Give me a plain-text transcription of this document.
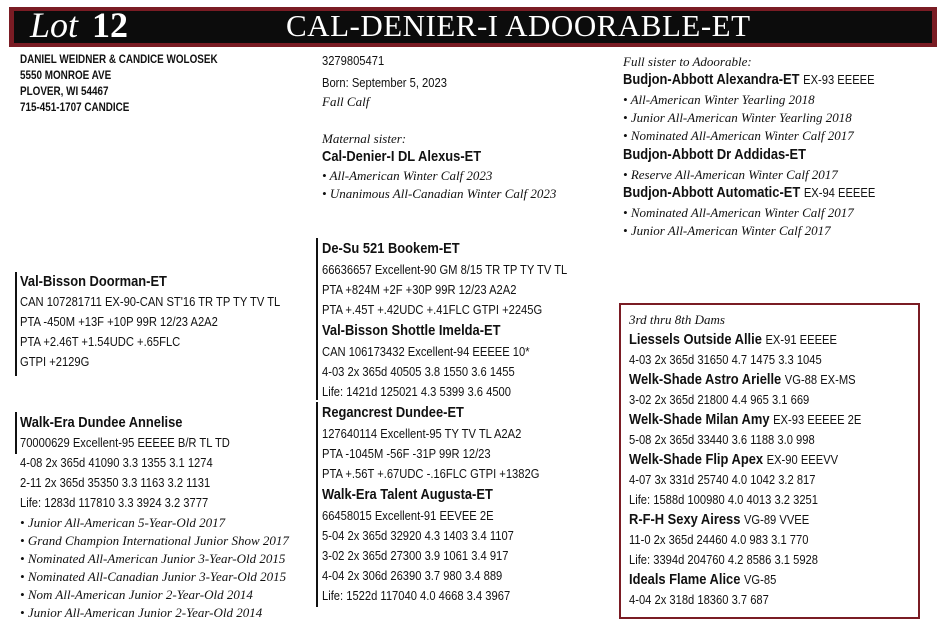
Lot 12	CAL-DENIER-I ADOORABLE-ET
DANIEL WEIDNER & CANDICE WOLOSEK
5550 MONROE AVE
PLOVER, WI 54467
715-451-1707 CANDICE
3279805471
Born: September 5, 2023
Fall Calf
Maternal sister:
Cal-Denier-I DL Alexus-ET
• All-American Winter Calf 2023
• Unanimous All-Canadian Winter Calf 2023
Full sister to Adoorable:
Budjon-Abbott Alexandra-ET EX-93 EEEEE
• All-American Winter Yearling 2018
• Junior All-American Winter Yearling 2018
• Nominated All-American Winter Calf 2017
Budjon-Abbott Dr Addidas-ET
• Reserve All-American Winter Calf 2017
Budjon-Abbott Automatic-ET EX-94 EEEEE
• Nominated All-American Winter Calf 2017
• Junior All-American Winter Calf 2017
Val-Bisson Doorman-ET
CAN 107281711 EX-90-CAN ST'16 TR TP TY TV TL
PTA -450M +13F +10P 99R 12/23 A2A2
PTA +2.46T +1.54UDC +.65FLC
GTPI +2129G
De-Su 521 Bookem-ET
66636657 Excellent-90 GM 8/15 TR TP TY TV TL
PTA +824M +2F +30P 99R 12/23 A2A2
PTA +.45T +.42UDC +.41FLC GTPI +2245G
Val-Bisson Shottle Imelda-ET
CAN 106173432 Excellent-94 EEEEE 10*
4-03 2x 365d 40505 3.8 1550 3.6 1455
Life: 1421d 125021 4.3 5399 3.6 4500
Walk-Era Dundee Annelise
70000629 Excellent-95 EEEEE B/R TL TD
4-08 2x 365d 41090 3.3 1355 3.1 1274
2-11 2x 365d 35350 3.3 1163 3.2 1131
Life: 1283d 117810 3.3 3924 3.2 3777
• Junior All-American 5-Year-Old 2017
• Grand Champion International Junior Show 2017
• Nominated All-American Junior 3-Year-Old 2015
• Nominated All-Canadian Junior 3-Year-Old 2015
• Nom All-American Junior 2-Year-Old 2014
• Junior All-American Junior 2-Year-Old 2014
Regancrest Dundee-ET
127640114 Excellent-95 TY TV TL A2A2
PTA -1045M -56F -31P 99R 12/23
PTA +.56T +.67UDC -.16FLC GTPI +1382G
Walk-Era Talent Augusta-ET
66458015 Excellent-91 EEVEE 2E
5-04 2x 365d 32920 4.3 1403 3.4 1107
3-02 2x 365d 27300 3.9 1061 3.4 917
4-04 2x 306d 26390 3.7 980 3.4 889
Life: 1522d 117040 4.0 4668 3.4 3967
3rd thru 8th Dams
Liessels Outside Allie EX-91 EEEEE
4-03 2x 365d 31650 4.7 1475 3.3 1045
Welk-Shade Astro Arielle VG-88 EX-MS
3-02 2x 365d 21800 4.4 965 3.1 669
Welk-Shade Milan Amy EX-93 EEEEE 2E
5-08 2x 365d 33440 3.6 1188 3.0 998
Welk-Shade Flip Apex EX-90 EEEVV
4-07 3x 331d 25740 4.0 1042 3.2 817
Life: 1588d 100980 4.0 4013 3.2 3251
R-F-H Sexy Airess VG-89 VVEE
11-0 2x 365d 24460 4.0 983 3.1 770
Life: 3394d 204760 4.2 8586 3.1 5928
Ideals Flame Alice VG-85
4-04 2x 318d 18360 3.7 687
